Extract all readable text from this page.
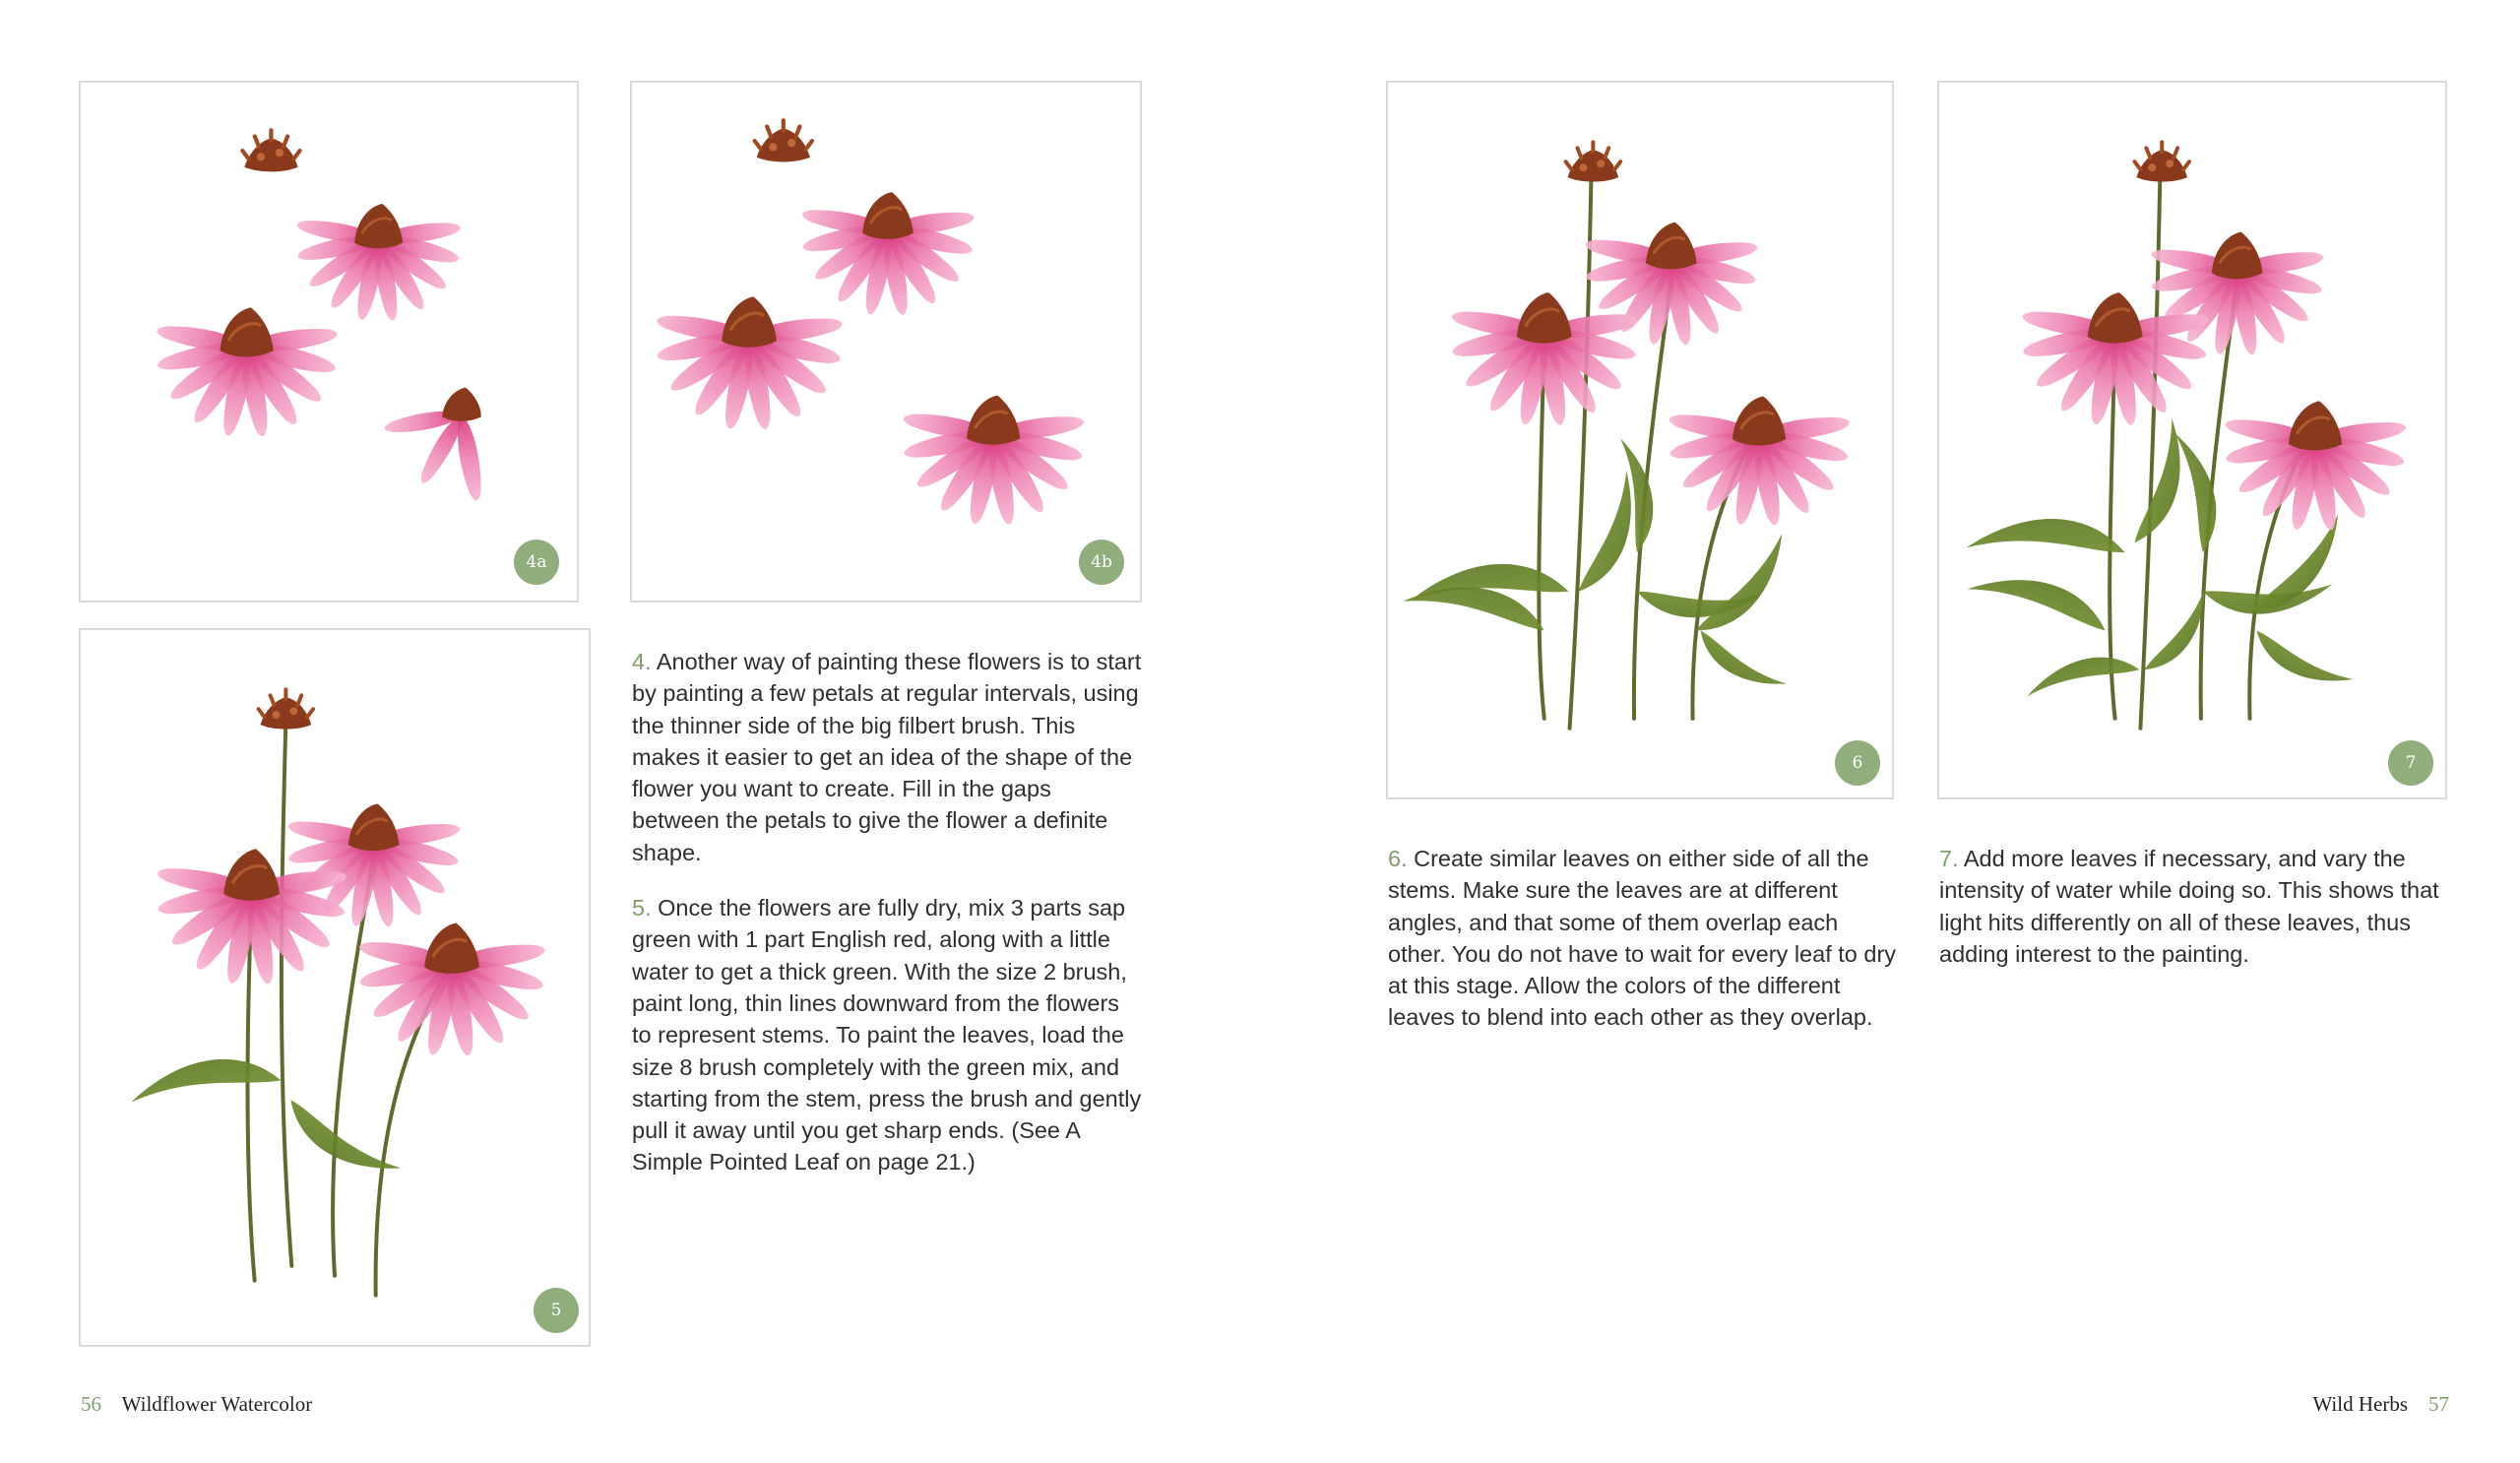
4a	4b
5
6	7

4. Another way of painting these flowers is to start by painting a few petals at regular intervals, using the thinner side of the big filbert brush. This makes it easier to get an idea of the shape of the flower you want to create. Fill in the gaps between the petals to give the flower a definite shape.

5. Once the flowers are fully dry, mix 3 parts sap green with 1 part English red, along with a little water to get a thick green. With the size 2 brush, paint long, thin lines downward from the flowers to represent stems. To paint the leaves, load the size 8 brush completely with the green mix, and starting from the stem, press the brush and gently pull it away until you get sharp ends. (See A Simple Pointed Leaf on page 21.)

6. Create similar leaves on either side of all the stems. Make sure the leaves are at different angles, and that some of them overlap each other. You do not have to wait for every leaf to dry at this stage. Allow the colors of the different leaves to blend into each other as they overlap.

7. Add more leaves if necessary, and vary the intensity of water while doing so. This shows that light hits differently on all of these leaves, thus adding interest to the painting.

56 Wildflower Watercolor	Wild Herbs 57
